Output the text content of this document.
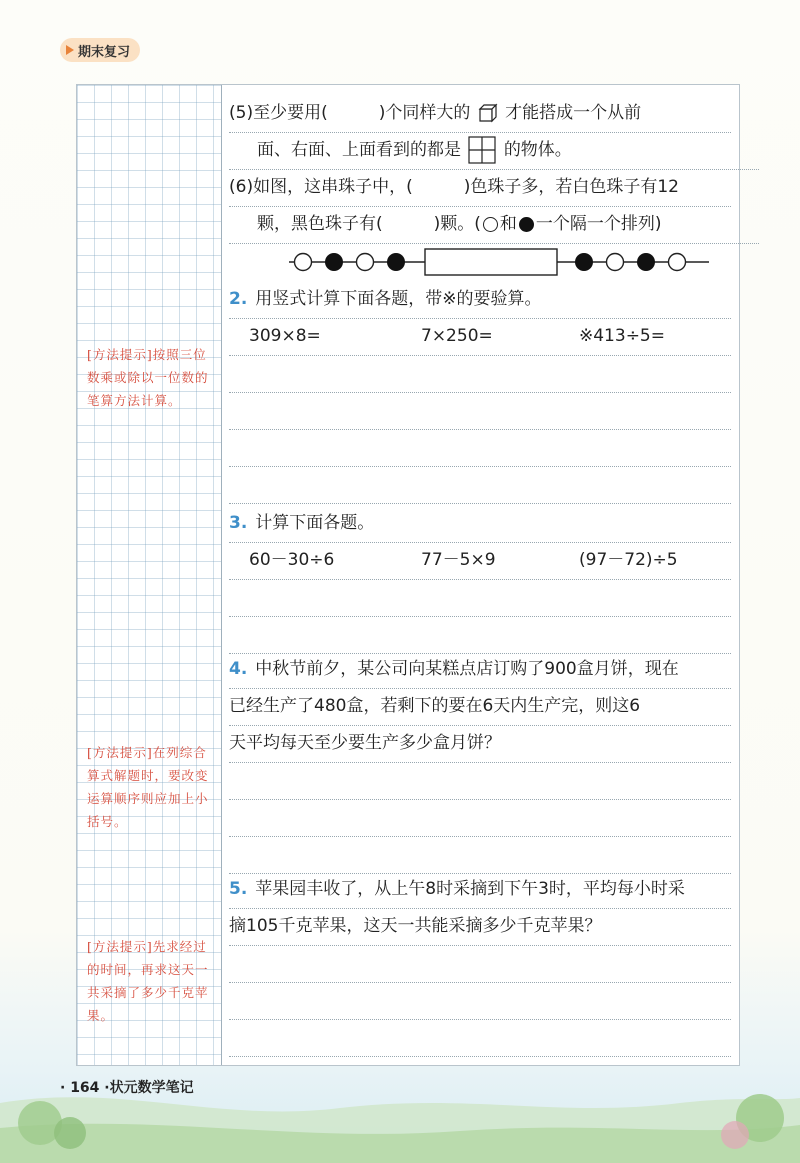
期末复习
[方法提示]按照三位数乘或除以一位数的笔算方法计算。
[方法提示]在列综合算式解题时，要改变运算顺序则应加上小括号。
[方法提示]先求经过的时间，再求这天一共采摘了多少千克苹果。
(5)至少要用(　　　)个同样大的 才能搭成一个从前
面、右面、上面看到的都是	的物体。
(6)如图，这串珠子中，(　　　)色珠子多，若白色珠子有12
颗，黑色珠子有(　　　)颗。( 和 一个隔一个排列)
2. 用竖式计算下面各题，带※的要验算。
309×8=	7×250=	※413÷5=
3. 计算下面各题。
60－30÷6	77－5×9	(97－72)÷5
4. 中秋节前夕，某公司向某糕点店订购了900盒月饼，现在
已经生产了480盒，若剩下的要在6天内生产完，则这6
天平均每天至少要生产多少盒月饼？
5. 苹果园丰收了，从上午8时采摘到下午3时，平均每小时采
摘105千克苹果，这天一共能采摘多少千克苹果？
· 164 ·状元数学笔记
